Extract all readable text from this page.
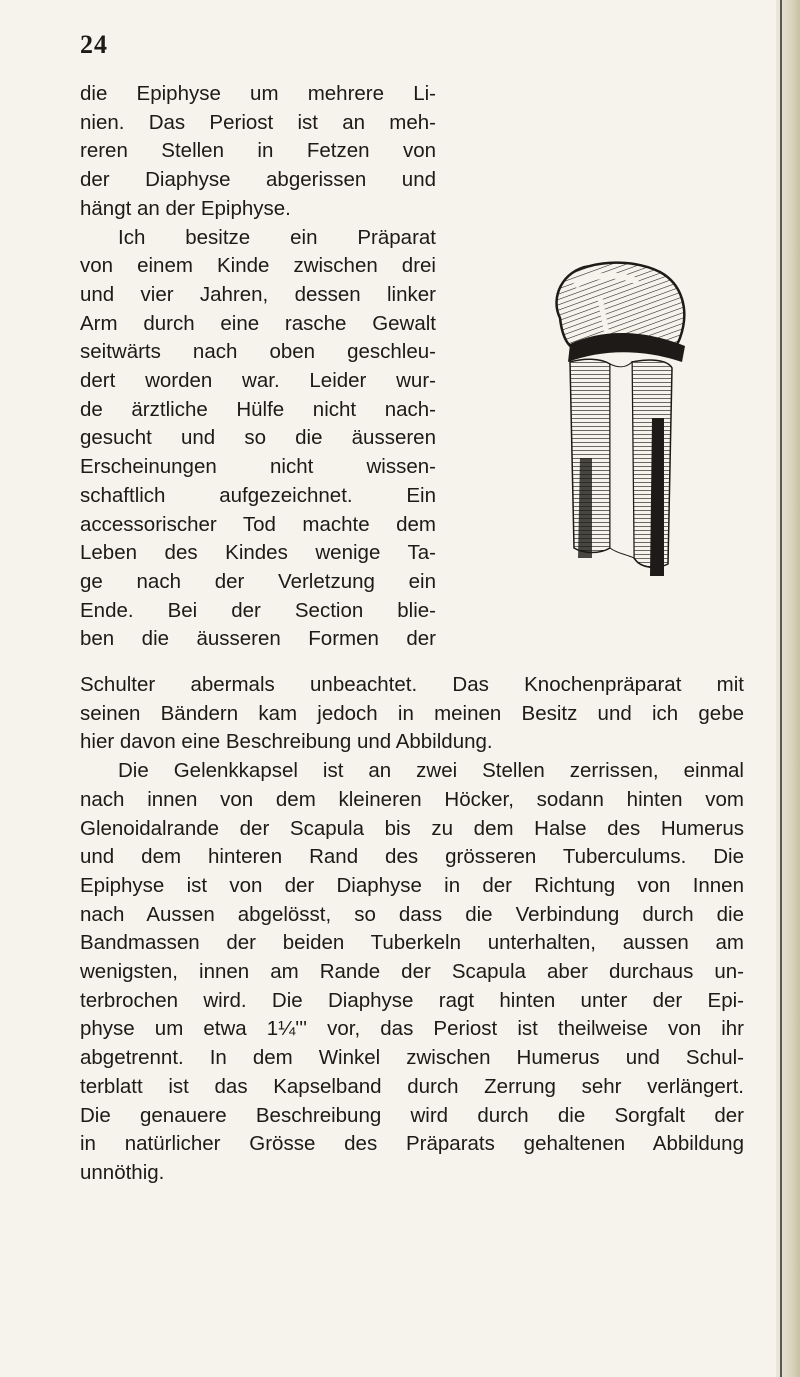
24
die Epiphyse um mehrere Li-
nien. Das Periost ist an meh-
reren Stellen in Fetzen von
der Diaphyse abgerissen und
hängt an der Epiphyse.
Ich besitze ein Präparat
von einem Kinde zwischen drei
und vier Jahren, dessen linker
Arm durch eine rasche Gewalt
seitwärts nach oben geschleu-
dert worden war. Leider wur-
de ärztliche Hülfe nicht nach-
gesucht und so die äusseren
Erscheinungen nicht wissen-
schaftlich aufgezeichnet. Ein
accessorischer Tod machte dem
Leben des Kindes wenige Ta-
ge nach der Verletzung ein
Ende. Bei der Section blie-
ben die äusseren Formen der
Schulter abermals unbeachtet. Das Knochenpräparat mit
seinen Bändern kam jedoch in meinen Besitz und ich gebe
hier davon eine Beschreibung und Abbildung.
Die Gelenkkapsel ist an zwei Stellen zerrissen, einmal
nach innen von dem kleineren Höcker, sodann hinten vom
Glenoidalrande der Scapula bis zu dem Halse des Humerus
und dem hinteren Rand des grösseren Tuberculums. Die
Epiphyse ist von der Diaphyse in der Richtung von Innen
nach Aussen abgelösst, so dass die Verbindung durch die
Bandmassen der beiden Tuberkeln unterhalten, aussen am
wenigsten, innen am Rande der Scapula aber durchaus un-
terbrochen wird. Die Diaphyse ragt hinten unter der Epi-
physe um etwa 1¼''' vor, das Periost ist theilweise von ihr
abgetrennt. In dem Winkel zwischen Humerus und Schul-
terblatt ist das Kapselband durch Zerrung sehr verlängert.
Die genauere Beschreibung wird durch die Sorgfalt der
in natürlicher Grösse des Präparats gehaltenen Abbildung
unnöthig.
